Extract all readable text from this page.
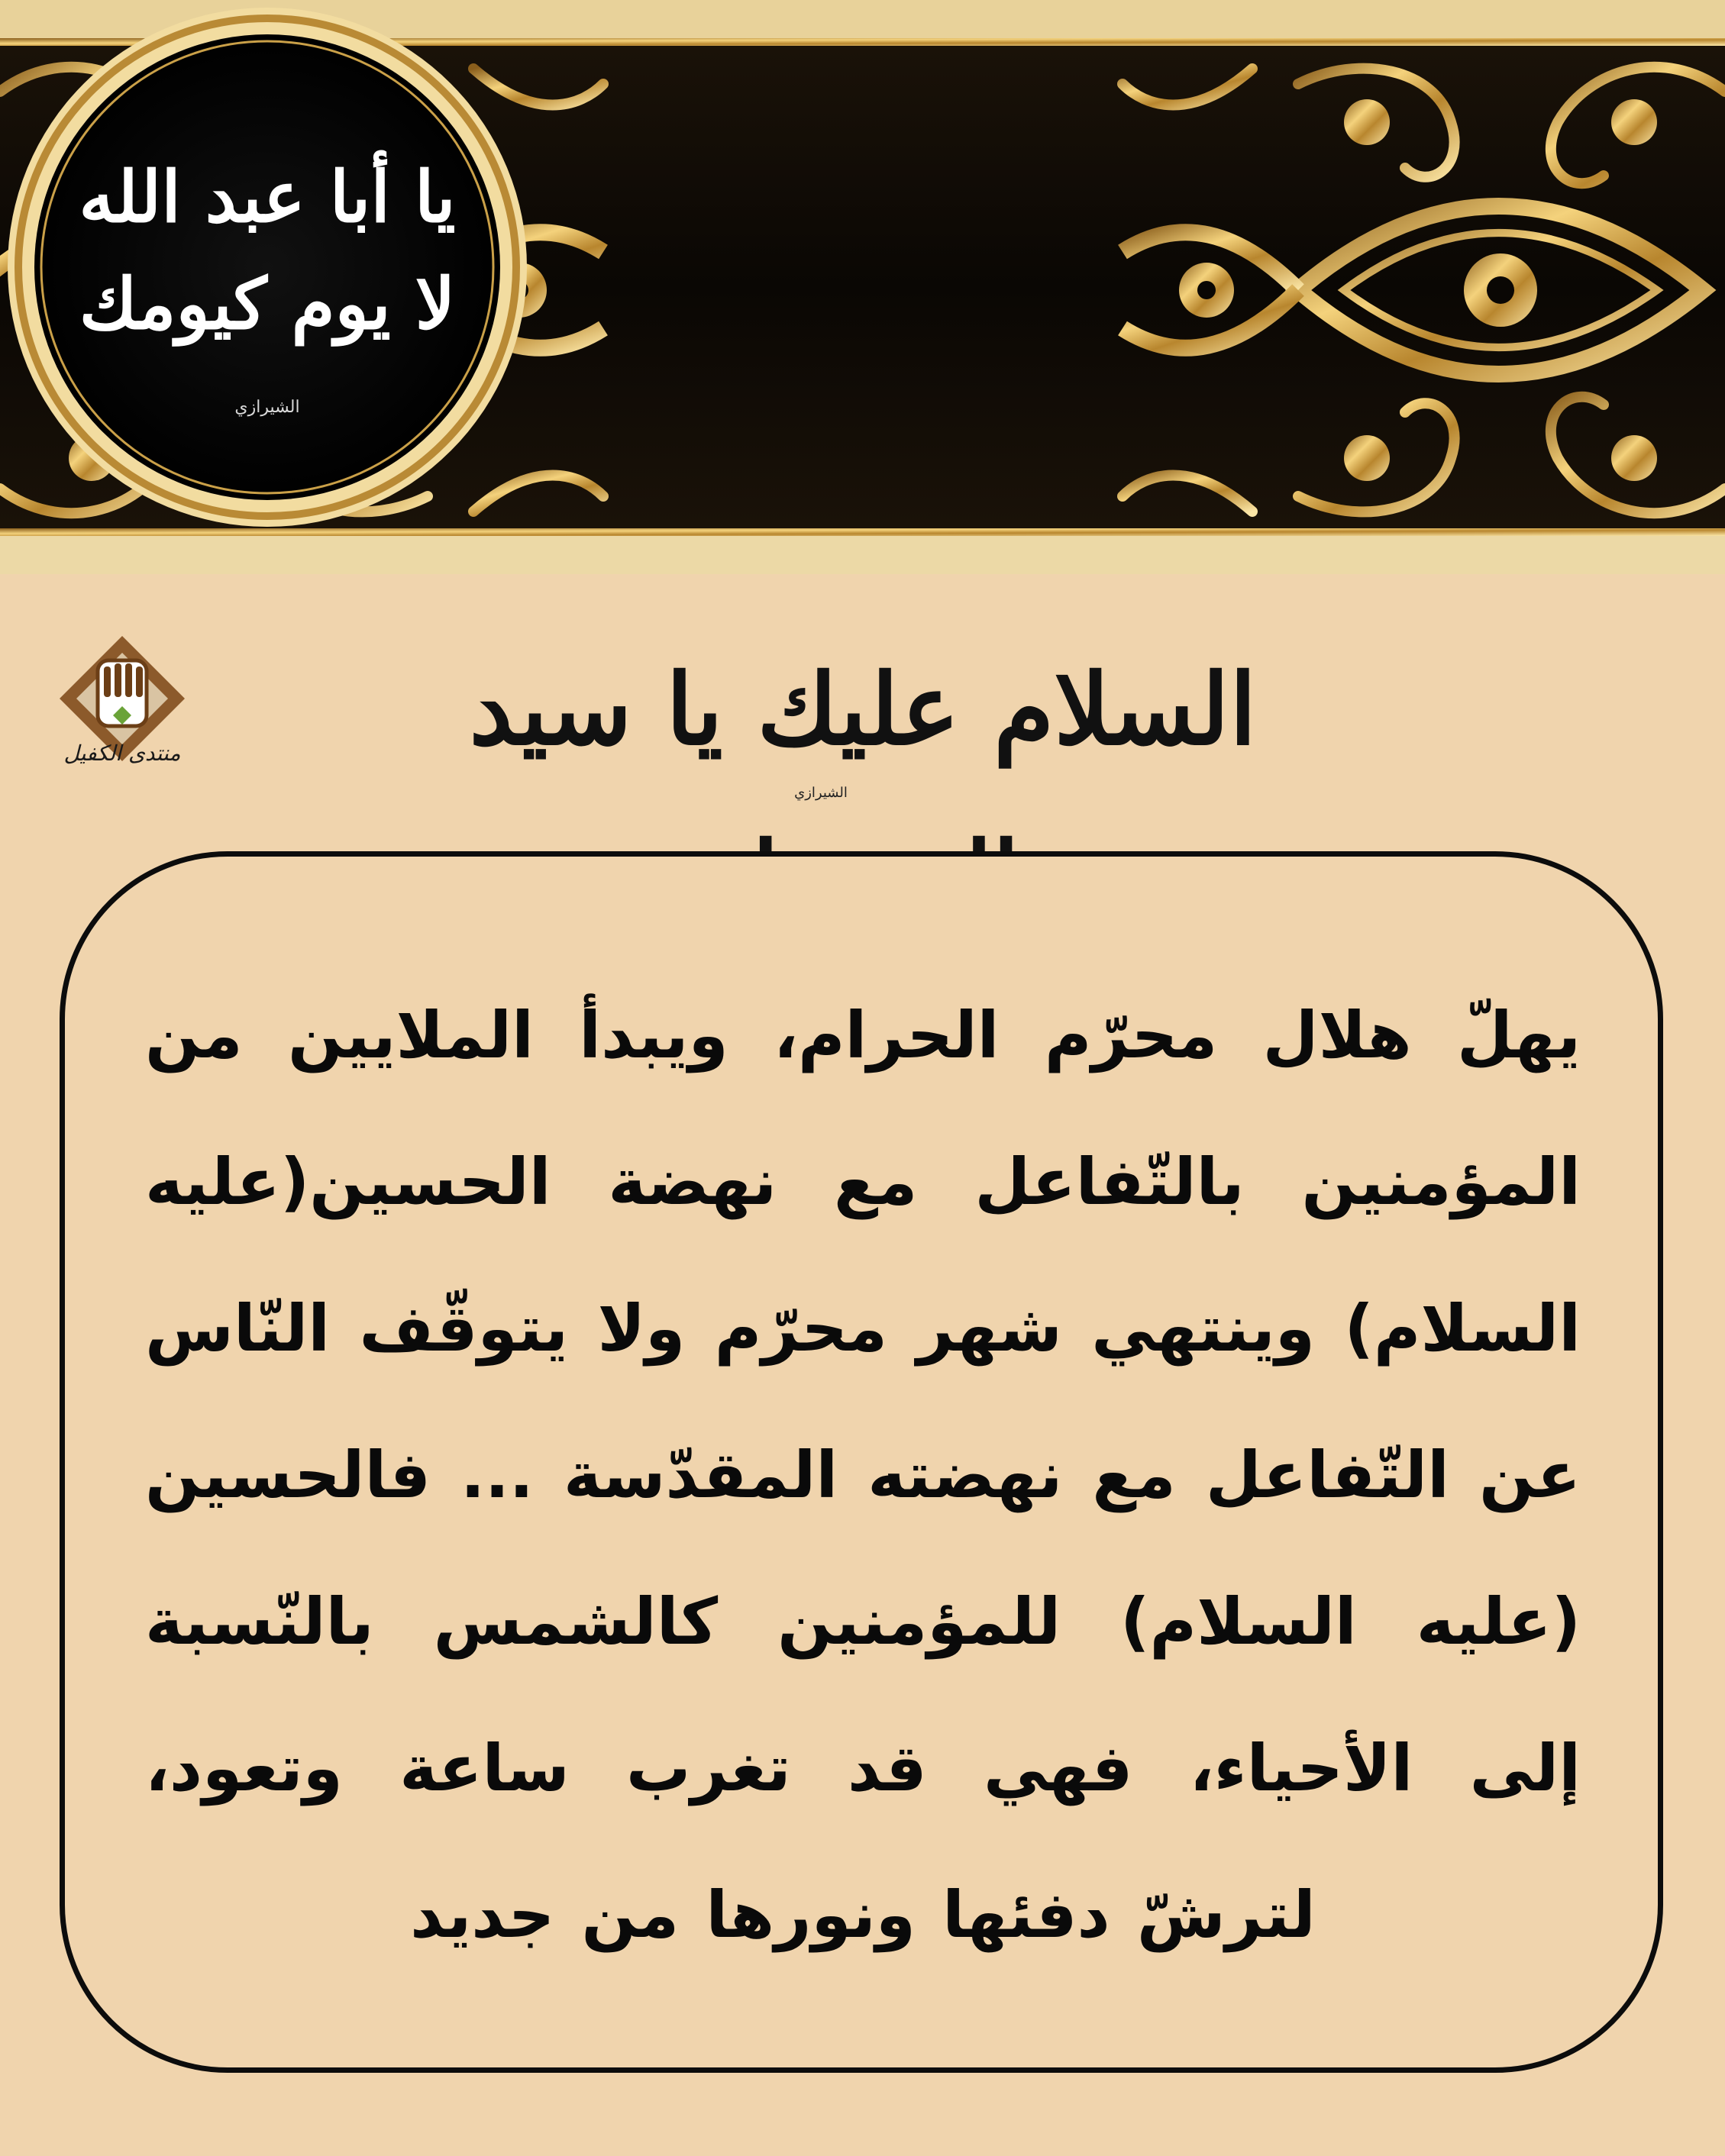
يا أبا عبد الله
لا يوم كيومك
الشيرازي
منتدى الكفيل	السلام عليك يا سيد
الشيرازي
يهلّ هلال محرّم الحرام، ويبدأ الملايين من المؤمنين بالتّفاعل مع نهضة الحسين(عليه السلام) وينتهي شهر محرّم ولا يتوقّف النّاس عن التّفاعل مع نهضته المقدّسة ... فالحسين (عليه السلام) للمؤمنين كالشمس بالنّسبة إلى الأحياء، فهي قد تغرب ساعة وتعود، لترشّ دفئها ونورها من جديد
